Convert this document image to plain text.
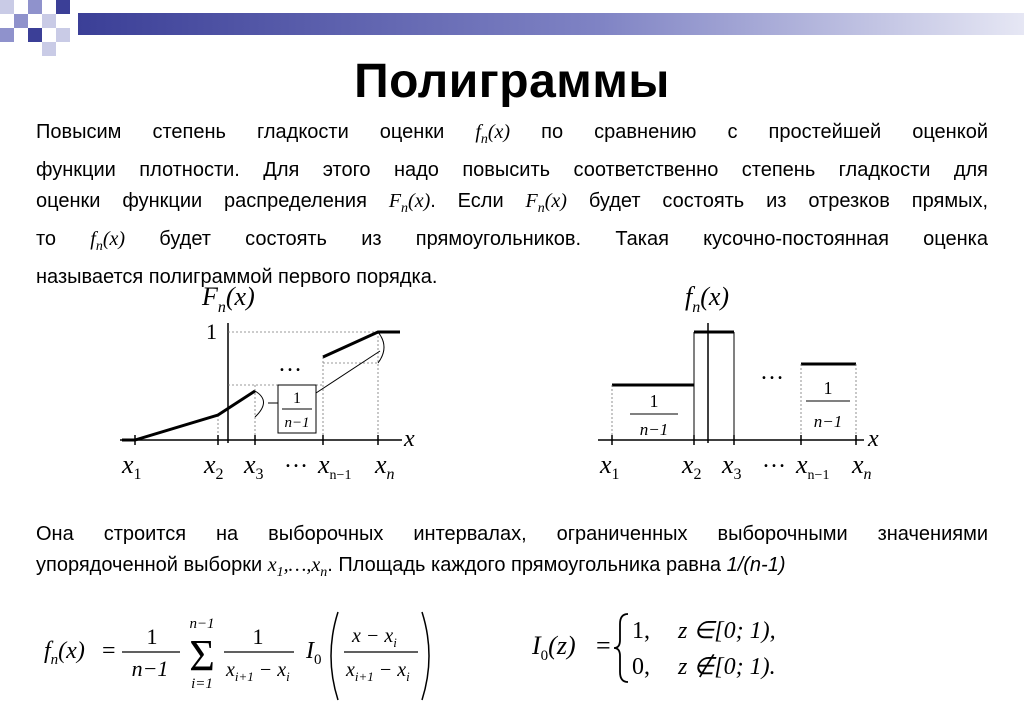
Полиграммы
Повысим степень гладкости оценки $f_n(x)$ по сравнению с простейшей оценкой
функции плотности. Для этого надо повысить соответственно степень гладкости для
оценки функции распределения $F_n(x)$. Если $F_n(x)$ будет состоять из отрезков прямых,
то $f_n(x)$ будет состоять из прямоугольников. Такая кусочно-постоянная оценка
называется полиграммой первого порядка.
$F_n(x)$
x
1
1
n−1
…
$x_1$ $x_2$ $x_3$
… $x_{n-1}$ $x_n$
$f_n(x)$
x
1
n−1
1
n−1
…
$x_1$ $x_2$ $x_3$
… $x_{n-1}$ $x_n$
Она строится на выборочных интервалах, ограниченных выборочными значениями
упорядоченной выборки $x_1,\dots,x_n$. Площадь каждого прямоугольника равна 1/(n-1)
$f_n(x)$ =
1
n−1
n−1
Σ
i=1
1
$x_{i+1} - x_i$
$I_0$
$x - x_i$
$x_{i+1} - x_i$
$I_0(z) = 1$, z ∈[0; 1),
0, z ∉[0; 1).
